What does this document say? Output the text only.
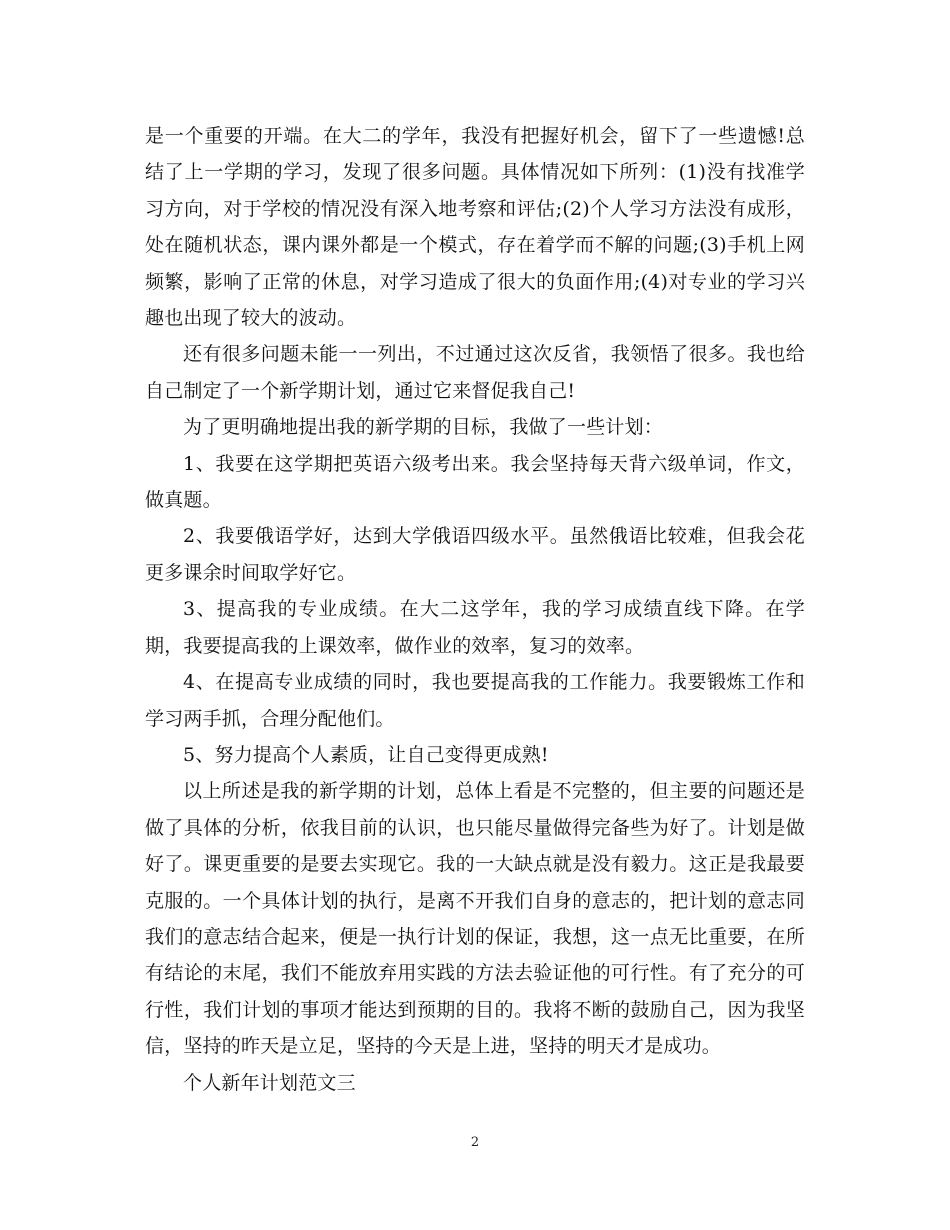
是一个重要的开端。在大二的学年，我没有把握好机会，留下了一些遗憾!总结了上一学期的学习，发现了很多问题。具体情况如下所列：(1)没有找准学习方向，对于学校的情况没有深入地考察和评估;(2)个人学习方法没有成形，处在随机状态，课内课外都是一个模式，存在着学而不解的问题;(3)手机上网频繁，影响了正常的休息，对学习造成了很大的负面作用;(4)对专业的学习兴趣也出现了较大的波动。

还有很多问题未能一一列出，不过通过这次反省，我领悟了很多。我也给自己制定了一个新学期计划，通过它来督促我自己!

为了更明确地提出我的新学期的目标，我做了一些计划：

1、我要在这学期把英语六级考出来。我会坚持每天背六级单词，作文，做真题。

2、我要俄语学好，达到大学俄语四级水平。虽然俄语比较难，但我会花更多课余时间取学好它。

3、提高我的专业成绩。在大二这学年，我的学习成绩直线下降。在学期，我要提高我的上课效率，做作业的效率，复习的效率。

4、在提高专业成绩的同时，我也要提高我的工作能力。我要锻炼工作和学习两手抓，合理分配他们。

5、努力提高个人素质，让自己变得更成熟!

以上所述是我的新学期的计划，总体上看是不完整的，但主要的问题还是做了具体的分析，依我目前的认识，也只能尽量做得完备些为好了。计划是做好了。课更重要的是要去实现它。我的一大缺点就是没有毅力。这正是我最要克服的。一个具体计划的执行，是离不开我们自身的意志的，把计划的意志同我们的意志结合起来，便是一执行计划的保证，我想，这一点无比重要，在所有结论的末尾，我们不能放弃用实践的方法去验证他的可行性。有了充分的可行性，我们计划的事项才能达到预期的目的。我将不断的鼓励自己，因为我坚信，坚持的昨天是立足，坚持的今天是上进，坚持的明天才是成功。

个人新年计划范文三

2
